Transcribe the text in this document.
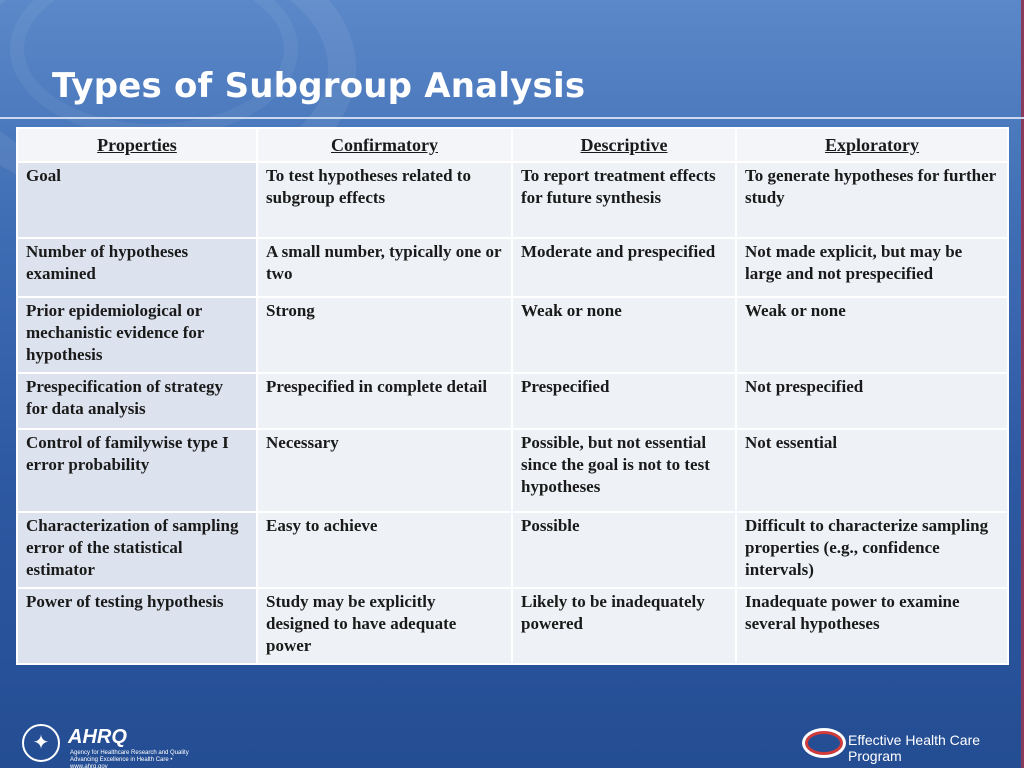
Types of Subgroup Analysis
Properties	Confirmatory	Descriptive	Exploratory
Goal	To test hypotheses related to subgroup effects	To report treatment effects for future synthesis	To generate hypotheses for further study
Number of hypotheses examined	A small number, typically one or two	Moderate and prespecified	Not made explicit, but may be large and not prespecified
Prior epidemiological or mechanistic evidence for hypothesis	Strong	Weak or none	Weak or none
Prespecification of strategy for data analysis	Prespecified in complete detail	Prespecified	Not prespecified
Control of familywise type I error probability	Necessary	Possible, but not essential since the goal is not to test hypotheses	Not essential
Characterization of sampling error of the statistical estimator	Easy to achieve	Possible	Difficult to characterize sampling properties (e.g., confidence intervals)
Power of testing hypothesis	Study may be explicitly designed to have adequate power	Likely to be inadequately powered	Inadequate power to examine several hypotheses
✦ AHRQ
Agency for Healthcare Research and Quality Advancing Excellence in Health Care • www.ahrq.gov
Effective Health Care Program
